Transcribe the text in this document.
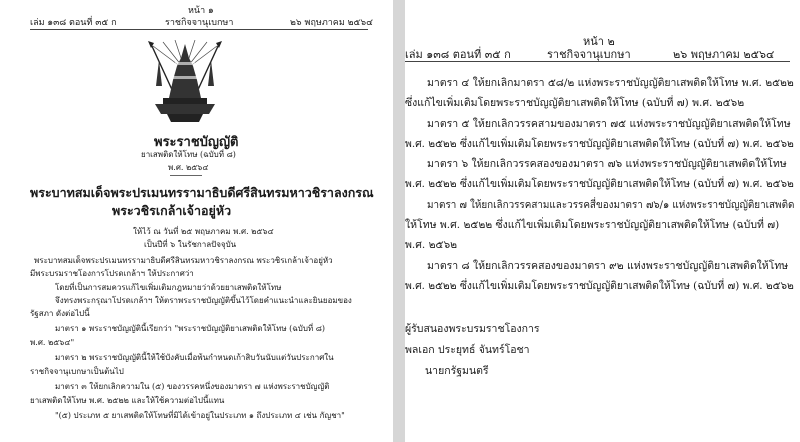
หน้า ๑
เล่ม ๑๓๘ ตอนที่ ๓๕ ก	ราชกิจจานุเบกษา	๒๖ พฤษภาคม ๒๕๖๔
พระราชบัญญัติ
ยาเสพติดให้โทษ (ฉบับที่ ๘)
พ.ศ. ๒๕๖๔
พระบาทสมเด็จพระปรเมนทรรามาธิบดีศรีสินทรมหาวชิราลงกรณ
พระวชิรเกล้าเจ้าอยู่หัว
ให้ไว้ ณ วันที่ ๒๕ พฤษภาคม พ.ศ. ๒๕๖๔
เป็นปีที่ ๖ ในรัชกาลปัจจุบัน
พระบาทสมเด็จพระปรเมนทรรามาธิบดีศรีสินทรมหาวชิราลงกรณ พระวชิรเกล้าเจ้าอยู่หัว
มีพระบรมราชโองการโปรดเกล้าฯ ให้ประกาศว่า
โดยที่เป็นการสมควรแก้ไขเพิ่มเติมกฎหมายว่าด้วยยาเสพติดให้โทษ
จึงทรงพระกรุณาโปรดเกล้าฯ ให้ตราพระราชบัญญัติขึ้นไว้โดยคำแนะนำและยินยอมของ
รัฐสภา ดังต่อไปนี้
มาตรา ๑ พระราชบัญญัตินี้เรียกว่า "พระราชบัญญัติยาเสพติดให้โทษ (ฉบับที่ ๘)
พ.ศ. ๒๕๖๔"
มาตรา ๒ พระราชบัญญัตินี้ให้ใช้บังคับเมื่อพ้นกำหนดเก้าสิบวันนับแต่วันประกาศใน
ราชกิจจานุเบกษาเป็นต้นไป
มาตรา ๓ ให้ยกเลิกความใน (๕) ของวรรคหนึ่งของมาตรา ๗ แห่งพระราชบัญญัติ
ยาเสพติดให้โทษ พ.ศ. ๒๕๒๒ และให้ใช้ความต่อไปนี้แทน
"(๕) ประเภท ๕ ยาเสพติดให้โทษที่มิได้เข้าอยู่ในประเภท ๑ ถึงประเภท ๔ เช่น กัญชา"
หน้า ๒
เล่ม ๑๓๘ ตอนที่ ๓๕ ก	ราชกิจจานุเบกษา	๒๖ พฤษภาคม ๒๕๖๔
มาตรา ๔ ให้ยกเลิกมาตรา ๕๘/๒ แห่งพระราชบัญญัติยาเสพติดให้โทษ พ.ศ. ๒๕๒๒
ซึ่งแก้ไขเพิ่มเติมโดยพระราชบัญญัติยาเสพติดให้โทษ (ฉบับที่ ๗) พ.ศ. ๒๕๖๒
มาตรา ๕ ให้ยกเลิกวรรคสามของมาตรา ๗๕ แห่งพระราชบัญญัติยาเสพติดให้โทษ
พ.ศ. ๒๕๒๒ ซึ่งแก้ไขเพิ่มเติมโดยพระราชบัญญัติยาเสพติดให้โทษ (ฉบับที่ ๗) พ.ศ. ๒๕๖๒
มาตรา ๖ ให้ยกเลิกวรรคสองของมาตรา ๗๖ แห่งพระราชบัญญัติยาเสพติดให้โทษ
พ.ศ. ๒๕๒๒ ซึ่งแก้ไขเพิ่มเติมโดยพระราชบัญญัติยาเสพติดให้โทษ (ฉบับที่ ๗) พ.ศ. ๒๕๖๒
มาตรา ๗ ให้ยกเลิกวรรคสามและวรรคสี่ของมาตรา ๗๖/๑ แห่งพระราชบัญญัติยาเสพติด
ให้โทษ พ.ศ. ๒๕๒๒ ซึ่งแก้ไขเพิ่มเติมโดยพระราชบัญญัติยาเสพติดให้โทษ (ฉบับที่ ๗)
พ.ศ. ๒๕๖๒
มาตรา ๘ ให้ยกเลิกวรรคสองของมาตรา ๙๒ แห่งพระราชบัญญัติยาเสพติดให้โทษ
พ.ศ. ๒๕๒๒ ซึ่งแก้ไขเพิ่มเติมโดยพระราชบัญญัติยาเสพติดให้โทษ (ฉบับที่ ๗) พ.ศ. ๒๕๖๒
ผู้รับสนองพระบรมราชโองการ
พลเอก ประยุทธ์ จันทร์โอชา
นายกรัฐมนตรี
